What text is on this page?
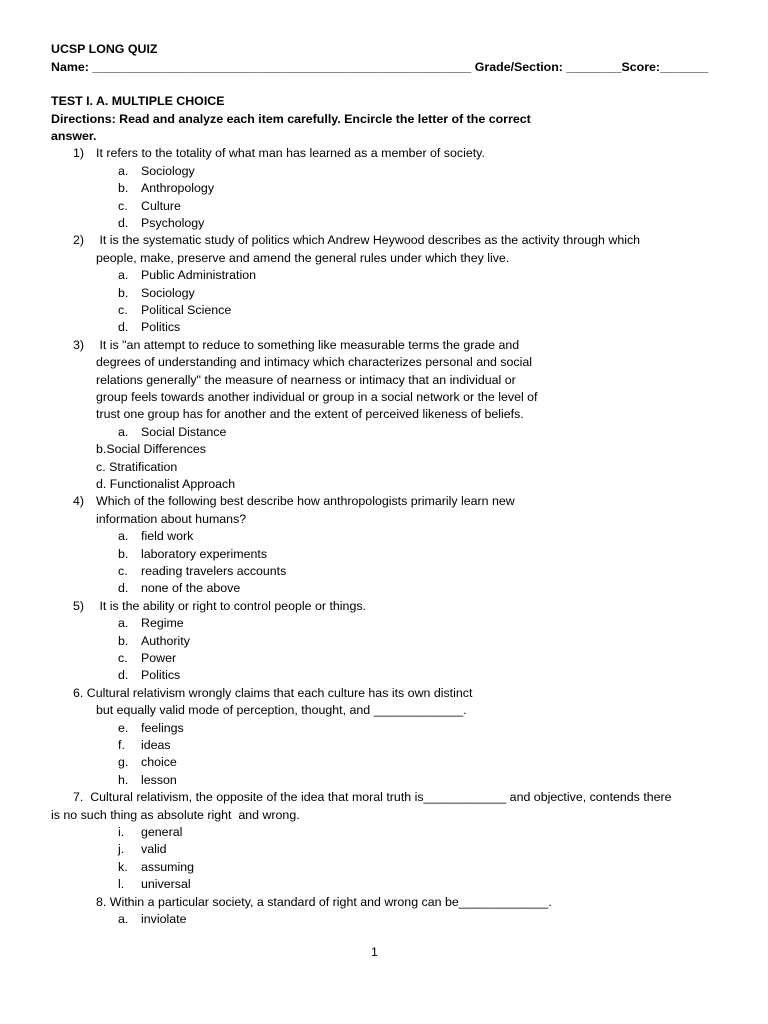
UCSP LONG QUIZ
Name: _______________________________________________________ Grade/Section: ________Score:_______
TEST I. A. MULTIPLE CHOICE
Directions: Read and analyze each item carefully. Encircle the letter of the correct
answer.
1) It refers to the totality of what man has learned as a member of society.
a. Sociology
b. Anthropology
c. Culture
d. Psychology
2) It is the systematic study of politics which Andrew Heywood describes as the activity through which
people, make, preserve and amend the general rules under which they live.
a. Public Administration
b. Sociology
c. Political Science
d. Politics
3) It is "an attempt to reduce to something like measurable terms the grade and
degrees of understanding and intimacy which characterizes personal and social
relations generally" the measure of nearness or intimacy that an individual or
group feels towards another individual or group in a social network or the level of
trust one group has for another and the extent of perceived likeness of beliefs.
a. Social Distance
b.Social Differences
c. Stratification
d. Functionalist Approach
4) Which of the following best describe how anthropologists primarily learn new
information about humans?
a. field work
b. laboratory experiments
c. reading travelers accounts
d. none of the above
5) It is the ability or right to control people or things.
a. Regime
b. Authority
c. Power
d. Politics
6. Cultural relativism wrongly claims that each culture has its own distinct
but equally valid mode of perception, thought, and _____________.
e. feelings
f. ideas
g. choice
h. lesson
7.  Cultural relativism, the opposite of the idea that moral truth is____________ and objective, contends there
is no such thing as absolute right  and wrong.
i. general
j. valid
k. assuming
l. universal
8. Within a particular society, a standard of right and wrong can be_____________.
a. inviolate
1
